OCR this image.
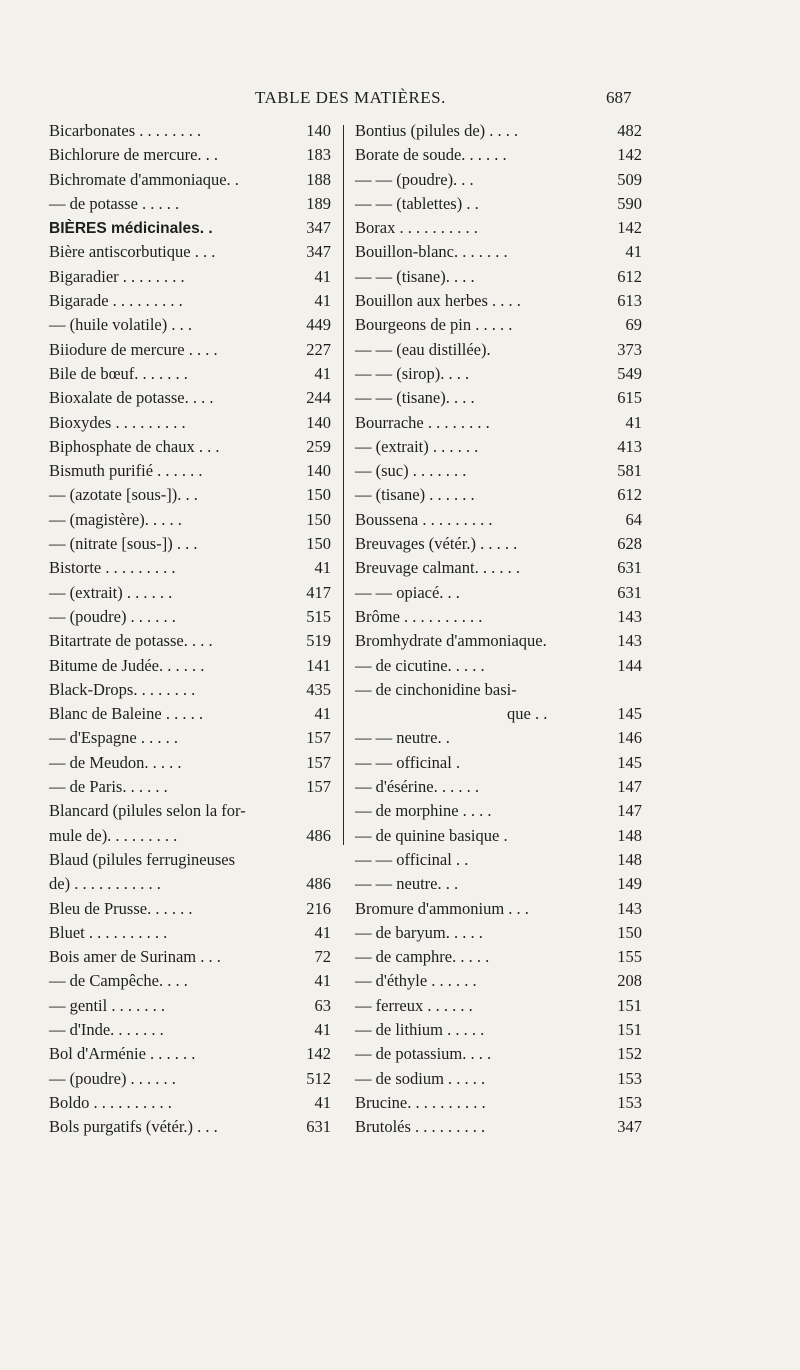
TABLE DES MATIÈRES.	687
Bicarbonates . . . . . . . .	140
Bichlorure de mercure. . .	183
Bichromate d'ammoniaque. .	188
— de potasse . . . . .	189
BIÈRES médicinales. .	347
Bière antiscorbutique . . .	347
Bigaradier . . . . . . . .	41
Bigarade . . . . . . . . .	41
— (huile volatile) . . .	449
Biiodure de mercure . . . .	227
Bile de bœuf. . . . . . .	41
Bioxalate de potasse. . . .	244
Bioxydes . . . . . . . . .	140
Biphosphate de chaux . . .	259
Bismuth purifié . . . . . .	140
— (azotate [sous-]). . .	150
— (magistère). . . . .	150
— (nitrate [sous-]) . . .	150
Bistorte . . . . . . . . .	41
— (extrait) . . . . . .	417
— (poudre) . . . . . .	515
Bitartrate de potasse. . . .	519
Bitume de Judée. . . . . .	141
Black-Drops. . . . . . . .	435
Blanc de Baleine . . . . .	41
— d'Espagne . . . . .	157
— de Meudon. . . . .	157
— de Paris. . . . . .	157
Blancard (pilules selon la for-
mule de). . . . . . . . .	486
Blaud (pilules ferrugineuses
de) . . . . . . . . . . .	486
Bleu de Prusse. . . . . .	216
Bluet . . . . . . . . . .	41
Bois amer de Surinam . . .	72
— de Campêche. . . .	41
— gentil . . . . . . .	63
— d'Inde. . . . . . .	41
Bol d'Arménie . . . . . .	142
— (poudre) . . . . . .	512
Boldo . . . . . . . . . .	41
Bols purgatifs (vétér.) . . .	631
Bontius (pilules de) . . . .	482
Borate de soude. . . . . .	142
— — (poudre). . .	509
— — (tablettes) . .	590
Borax . . . . . . . . . .	142
Bouillon-blanc. . . . . . .	41
— — (tisane). . . .	612
Bouillon aux herbes . . . .	613
Bourgeons de pin . . . . .	69
— — (eau distillée).	373
— — (sirop). . . .	549
— — (tisane). . . .	615
Bourrache . . . . . . . .	41
— (extrait) . . . . . .	413
— (suc) . . . . . . .	581
— (tisane) . . . . . .	612
Boussena . . . . . . . . .	64
Breuvages (vétér.) . . . . .	628
Breuvage calmant. . . . . .	631
— — opiacé. . .	631
Brôme . . . . . . . . . .	143
Bromhydrate d'ammoniaque.	143
— de cicutine. . . . .	144
— de cinchonidine basi-
que . .	145
— — neutre. .	146
— — officinal .	145
— d'ésérine. . . . . .	147
— de morphine . . . .	147
— de quinine basique .	148
— — officinal . .	148
— — neutre. . .	149
Bromure d'ammonium . . .	143
— de baryum. . . . .	150
— de camphre. . . . .	155
— d'éthyle . . . . . .	208
— ferreux . . . . . .	151
— de lithium . . . . .	151
— de potassium. . . .	152
— de sodium . . . . .	153
Brucine. . . . . . . . . .	153
Brutolés . . . . . . . . .	347
